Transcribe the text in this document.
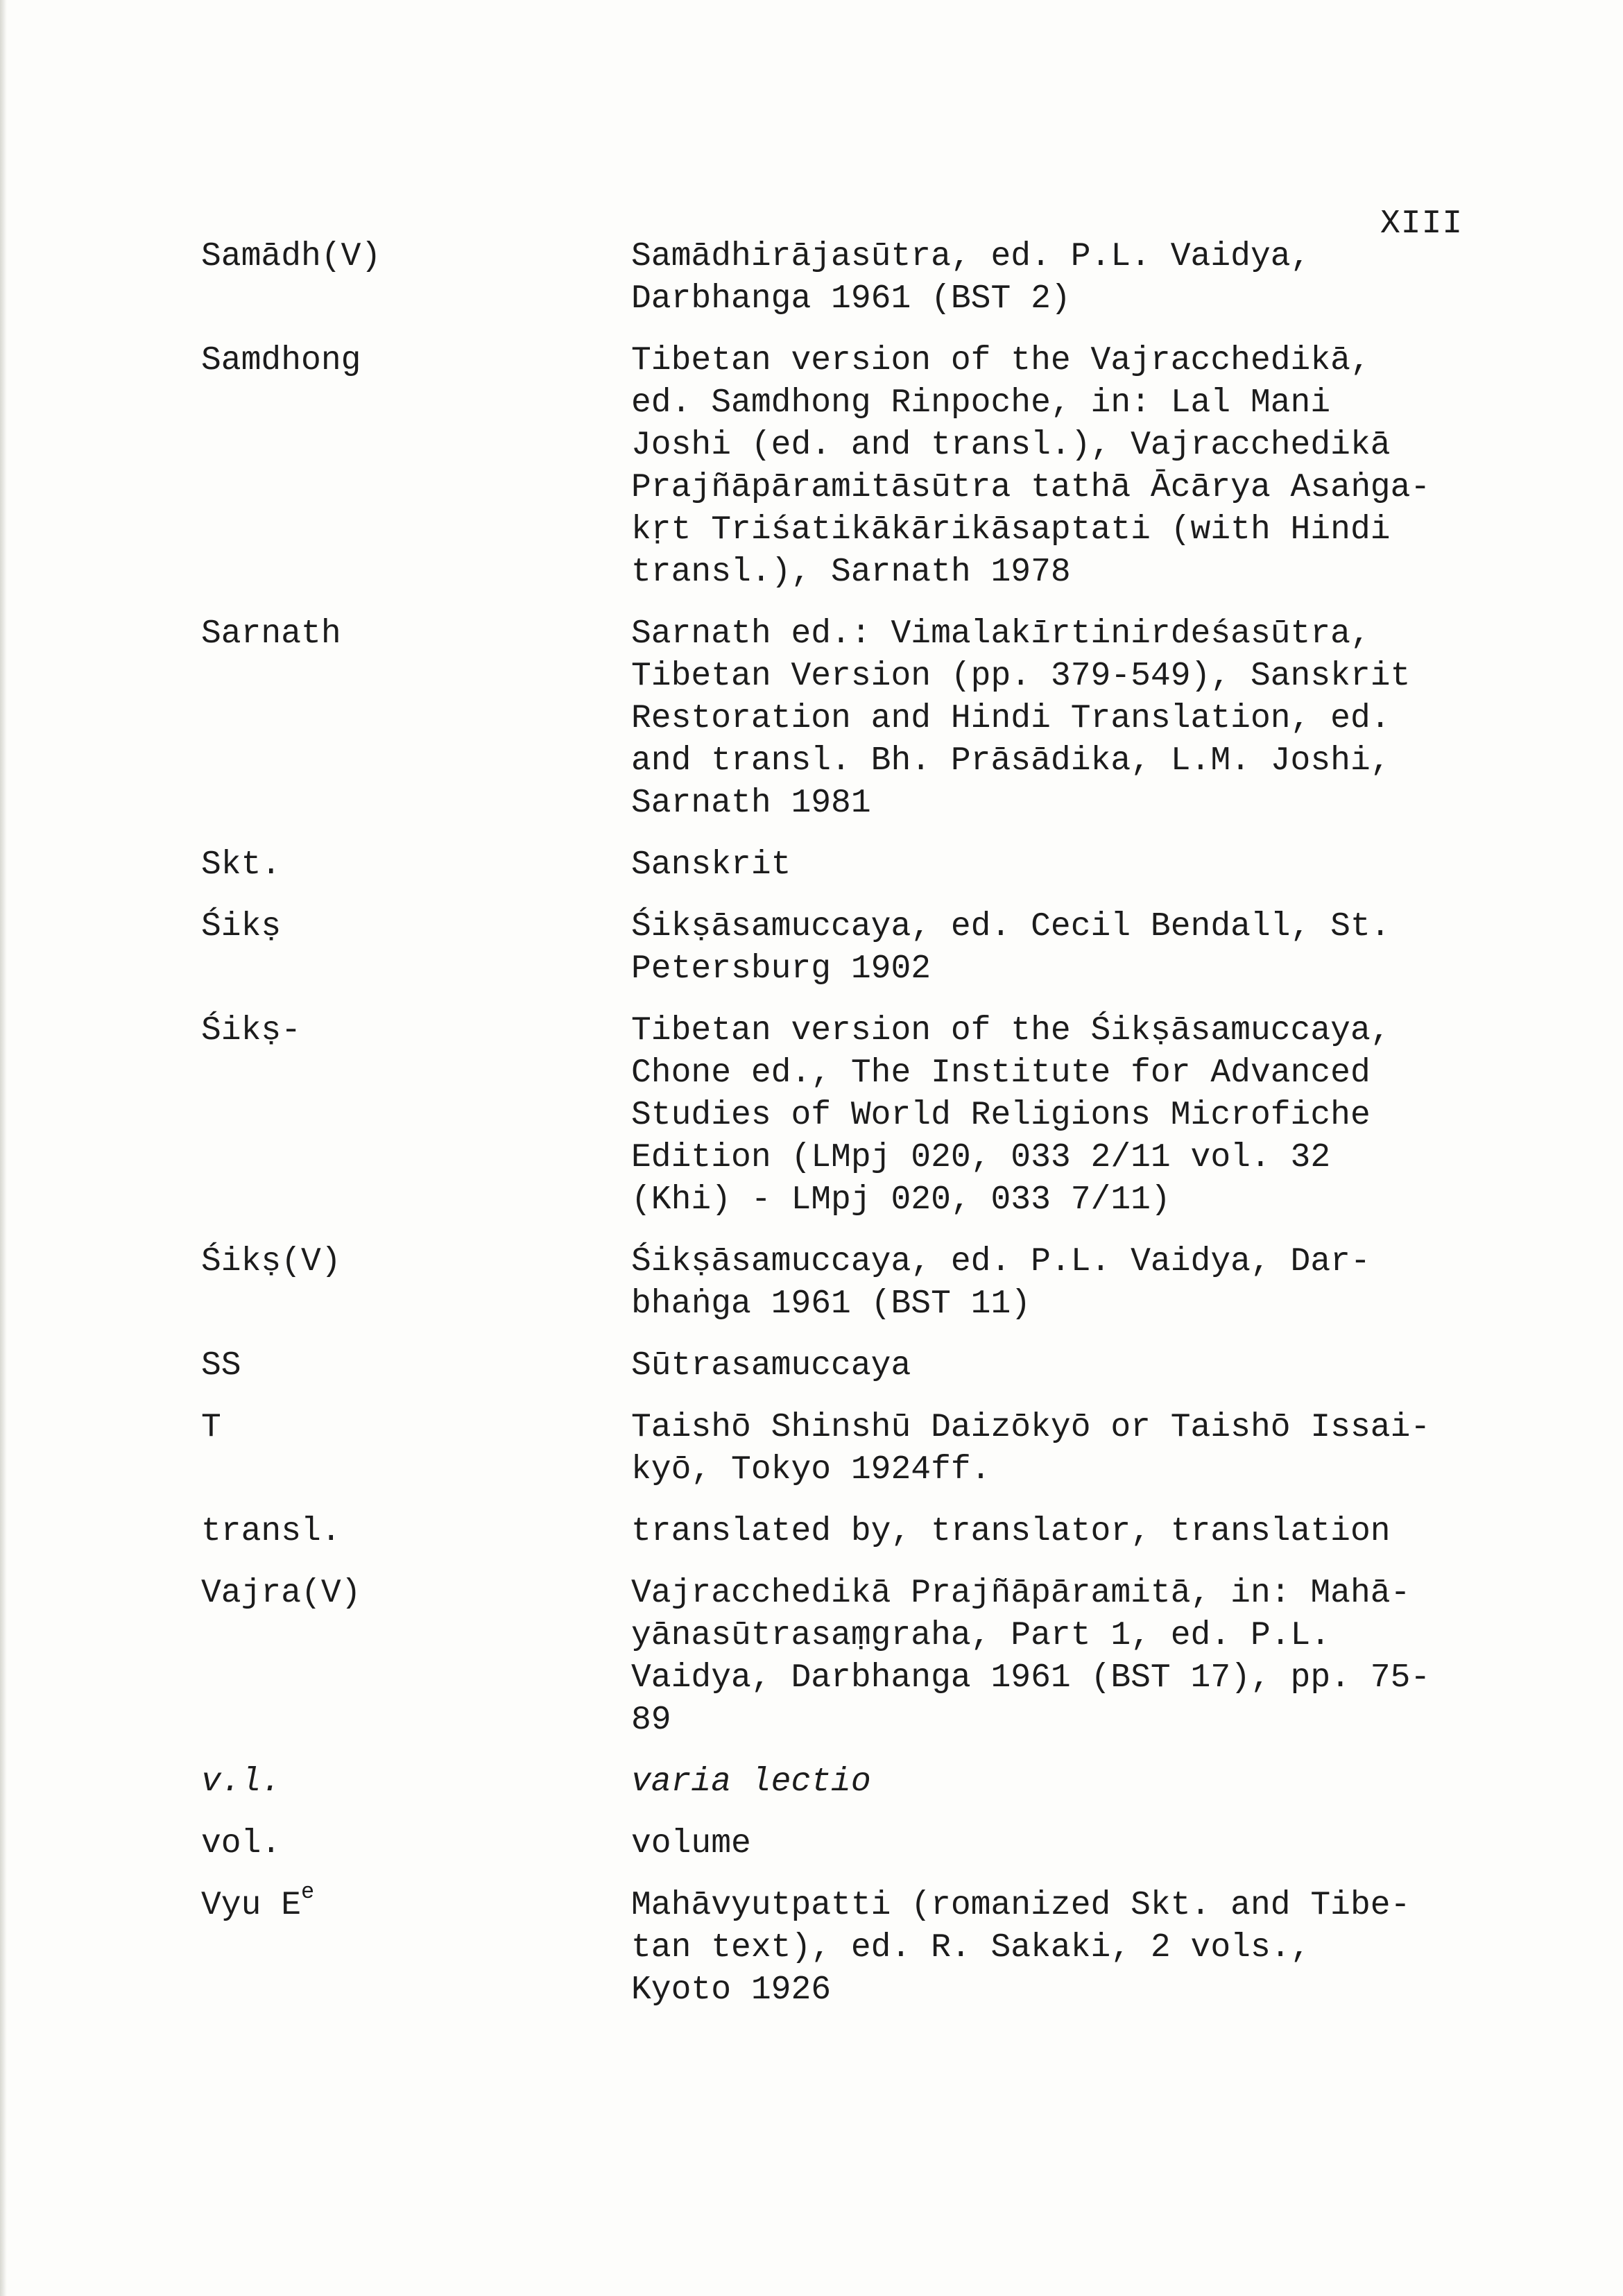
XIII
Samādh(V)	Samādhirājasūtra, ed. P.L. Vaidya,
Darbhanga 1961 (BST 2)
Samdhong	Tibetan version of the Vajracchedikā,
ed. Samdhong Rinpoche, in: Lal Mani
Joshi (ed. and transl.), Vajracchedikā
Prajñāpāramitāsūtra tathā Ācārya Asaṅga-
kṛt Triśatikākārikāsaptati (with Hindi
transl.), Sarnath 1978
Sarnath	Sarnath ed.: Vimalakīrtinirdeśasūtra,
Tibetan Version (pp. 379-549), Sanskrit
Restoration and Hindi Translation, ed.
and transl. Bh. Prāsādika, L.M. Joshi,
Sarnath 1981
Skt.	Sanskrit
Śikṣ	Śikṣāsamuccaya, ed. Cecil Bendall, St.
Petersburg 1902
Śikṣ-	Tibetan version of the Śikṣāsamuccaya,
Chone ed., The Institute for Advanced
Studies of World Religions Microfiche
Edition (LMpj 020, 033 2/11 vol. 32
(Khi) - LMpj 020, 033 7/11)
Śikṣ(V)	Śikṣāsamuccaya, ed. P.L. Vaidya, Dar-
bhaṅga 1961 (BST 11)
SS	Sūtrasamuccaya
T	Taishō Shinshū Daizōkyō or Taishō Issai-
kyō, Tokyo 1924ff.
transl.	translated by, translator, translation
Vajra(V)	Vajracchedikā Prajñāpāramitā, in: Mahā-
yānasūtrasaṃgraha, Part 1, ed. P.L.
Vaidya, Darbhanga 1961 (BST 17), pp. 75-
89
v.l.	varia lectio
vol.	volume
Vyu $E^e$	Mahāvyutpatti (romanized Skt. and Tibe-
tan text), ed. R. Sakaki, 2 vols.,
Kyoto 1926
